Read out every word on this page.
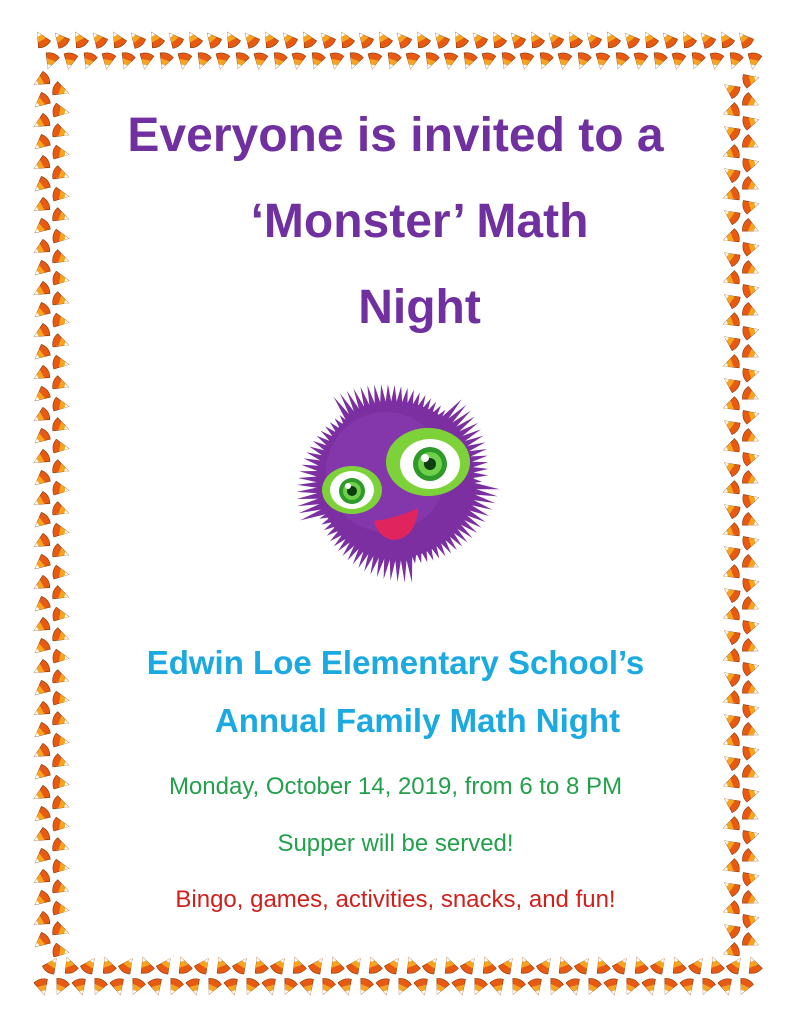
Everyone is invited to a
‘Monster’ Math
Night
Edwin Loe Elementary School’s
Annual Family Math Night
Monday, October 14, 2019, from 6 to 8 PM
Supper will be served!
Bingo, games, activities, snacks, and fun!
